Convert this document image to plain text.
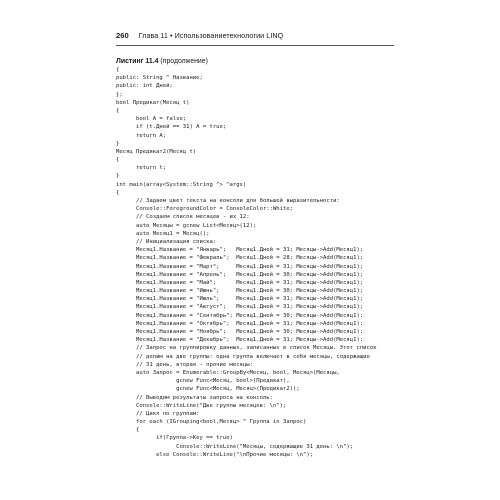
260 Глава 11 • Использованиетехнологии LINQ
Листинг 11.4 (продолжение)
{
public: String ^ Название;
public: int Дней;
};
bool Предикат(Месяц t)
{
bool A = false;
if (t.Дней == 31) A = true;
return A;
}
Месяц Предикат2(Месяц t)
{
return t;
}
int main(array<System::String ^> ^args)
{
// Задаем цвет текста на консоли для большей выразительности:
Console::ForegroundColor = ConsoleColor::White;
// Создаем список месяцев - их 12:
auto Месяцы = gcnew List<Месяц>(12);
auto Месяц1 = Месяц();
// Инициализация списка:
Месяц1.Название = "Январь";   Месяц1.Дней = 31; Месяцы->Add(Месяц1);
Месяц1.Название = "Февраль";  Месяц1.Дней = 28; Месяцы->Add(Месяц1);
Месяц1.Название = "Март";     Месяц1.Дней = 31; Месяцы->Add(Месяц1);
Месяц1.Название = "Апрель";   Месяц1.Дней = 30; Месяцы->Add(Месяц1);
Месяц1.Название = "Май";      Месяц1.Дней = 31; Месяцы->Add(Месяц1);
Месяц1.Название = "Июнь";     Месяц1.Дней = 30; Месяцы->Add(Месяц1);
Месяц1.Название = "Июль";     Месяц1.Дней = 31; Месяцы->Add(Месяц1);
Месяц1.Название = "Август";   Месяц1.Дней = 31; Месяцы->Add(Месяц1);
Месяц1.Название = "Сентябрь"; Месяц1.Дней = 30; Месяцы->Add(Месяц1);
Месяц1.Название = "Октябрь";  Месяц1.Дней = 31; Месяцы->Add(Месяц1);
Месяц1.Название = "Ноябрь";   Месяц1.Дней = 30; Месяцы->Add(Месяц1);
Месяц1.Название = "Декабрь";  Месяц1.Дней = 31; Месяцы->Add(Месяц1);
// Запрос на группировку данных, записанных в список Месяцы. Этот список
// делим на две группы: одна группа включает в себя месяцы, содержащие
// 31 день, вторая - прочие месяцы:
auto Запрос = Enumerable::GroupBy<Месяц, bool, Месяц>(Месяцы,
gcnew Func<Месяц, bool>(Предикат),
gcnew Func<Месяц, Месяц>(Предикат2));
// Выводим результаты запроса на консоль:
Console::WriteLine("Две группы месяцев: \n");
// Цикл по группам:
for each (IGrouping<bool,Месяц> ^ Группа in Запрос)
{
if(Группа->Key == true)
Console::WriteLine("Месяцы, содержащие 31 день: \n");
else Console::WriteLine("\nПрочие месяцы: \n");
